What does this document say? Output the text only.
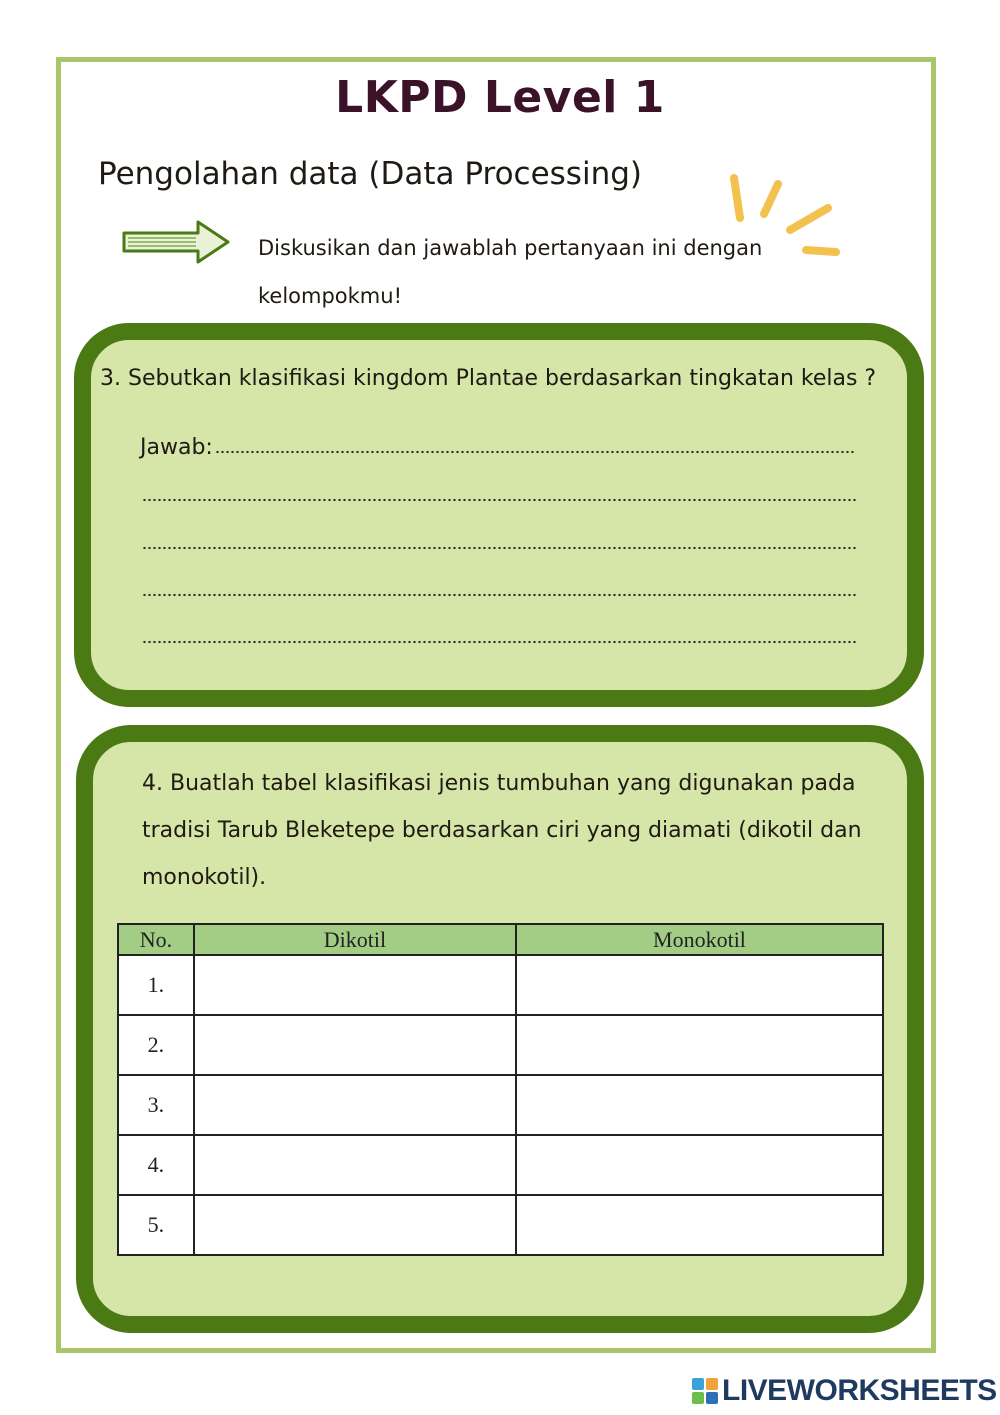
LKPD Level 1
Pengolahan data (Data Processing)
Diskusikan dan jawablah pertanyaan ini dengan kelompokmu!
3. Sebutkan klasifikasi kingdom Plantae berdasarkan tingkatan kelas ?
Jawab:
4. Buatlah tabel klasifikasi jenis tumbuhan yang digunakan pada tradisi Tarub Bleketepe berdasarkan ciri yang diamati (dikotil dan monokotil).
No.	Dikotil	Monokotil
1.		
2.		
3.		
4.		
5.		
LIVEWORKSHEETS
